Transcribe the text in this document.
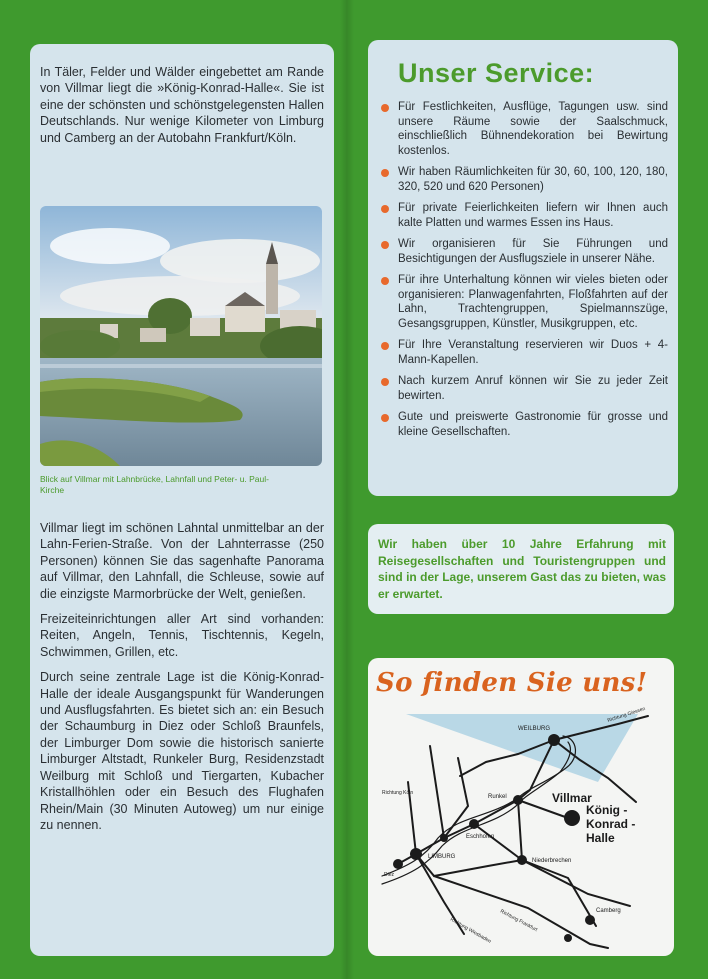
In Täler, Felder und Wälder eingebettet am Rande von Villmar liegt die »König-Konrad-Halle«. Sie ist eine der schönsten und schönstgelegensten Hallen Deutschlands. Nur wenige Kilometer von Limburg und Camberg an der Autobahn Frankfurt/Köln.

Blick auf Villmar mit Lahnbrücke, Lahnfall und Peter- u. Paul-Kirche

Villmar liegt im schönen Lahntal unmittelbar an der Lahn-Ferien-Straße. Von der Lahnterrasse (250 Personen) können Sie das sagenhafte Panorama auf Villmar, den Lahnfall, die Schleuse, sowie auf die einzigste Marmorbrücke der Welt, genießen.

Freizeiteinrichtungen aller Art sind vorhanden: Reiten, Angeln, Tennis, Tischtennis, Kegeln, Schwimmen, Grillen, etc.

Durch seine zentrale Lage ist die König-Konrad-Halle der ideale Ausgangspunkt für Wanderungen und Ausflugsfahrten. Es bietet sich an: ein Besuch der Schaumburg in Diez oder Schloß Braunfels, der Limburger Dom sowie die historisch sanierte Limburger Altstadt, Runkeler Burg, Residenzstadt Weilburg mit Schloß und Tiergarten, Kubacher Kristallhöhlen oder ein Besuch des Flughafen Rhein/Main (30 Minuten Autoweg) um nur einige zu nennen.

Unser Service:
Für Festlichkeiten, Ausflüge, Tagungen usw. sind unsere Räume sowie der Saalschmuck, einschließlich Bühnendekoration bei Bewirtung kostenlos.
Wir haben Räumlichkeiten für 30, 60, 100, 120, 180, 320, 520 und 620 Personen)
Für private Feierlichkeiten liefern wir Ihnen auch kalte Platten und warmes Essen ins Haus.
Wir organisieren für Sie Führungen und Besichtigungen der Ausflugsziele in unserer Nähe.
Für ihre Unterhaltung können wir vieles bieten oder organisieren: Planwagenfahrten, Floßfahrten auf der Lahn, Trachtengruppen, Spielmannszüge, Gesangsgruppen, Künstler, Musikgruppen, etc.
Für Ihre Veranstaltung reservieren wir Duos + 4-Mann-Kapellen.
Nach kurzem Anruf können wir Sie zu jeder Zeit bewirten.
Gute und preiswerte Gastronomie für grosse und kleine Gesellschaften.

Wir haben über 10 Jahre Erfahrung mit Reisegesellschaften und Touristengruppen und sind in der Lage, unserem Gast das zu bieten, was er erwartet.

So finden Sie uns!
WEILBURG
Richtung Giessen
Villmar
König -
Konrad -
Halle
Richtung Köln
Runkel
Eschhofen
LIMBURG
Diez
Niederbrechen
Richtung Wiesbaden Richtung Frankfurt	Camberg
